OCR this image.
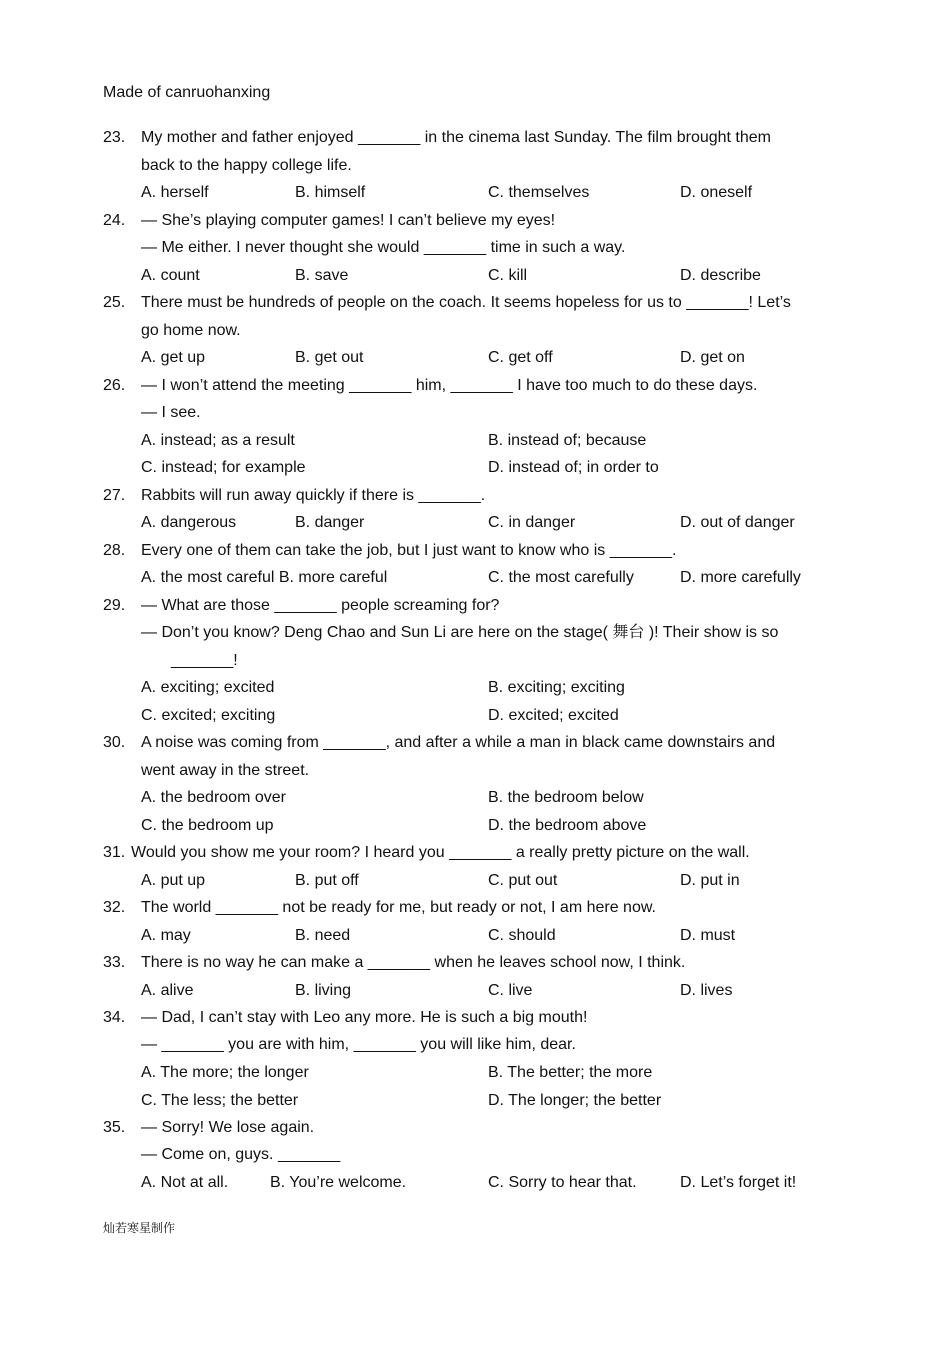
Made of canruohanxing
23. My mother and father enjoyed _______ in the cinema last Sunday. The film brought them
back to the happy college life.
A. herself	B. himself	C. themselves	D. oneself
24. — She’s playing computer games! I can’t believe my eyes!
— Me either. I never thought she would _______ time in such a way.
A. count	B. save	C. kill	D. describe
25. There must be hundreds of people on the coach. It seems hopeless for us to _______! Let’s
go home now.
A. get up	B. get out	C. get off	D. get on
26. — I won’t attend the meeting _______ him, _______ I have too much to do these days.
— I see.
A. instead; as a result	B. instead of; because
C. instead; for example	D. instead of; in order to
27. Rabbits will run away quickly if there is _______.
A. dangerous	B. danger	C. in danger	D. out of danger
28. Every one of them can take the job, but I just want to know who is _______.
A. the most careful B. more careful	C. the most carefully	D. more carefully
29. — What are those _______ people screaming for?
— Don’t you know? Deng Chao and Sun Li are here on the stage( 舞台 )! Their show is so
_______!
A. exciting; excited	B. exciting; exciting
C. excited; exciting	D. excited; excited
30. A noise was coming from _______, and after a while a man in black came downstairs and
went away in the street.
A. the bedroom over	B. the bedroom below
C. the bedroom up	D. the bedroom above
31. Would you show me your room? I heard you _______ a really pretty picture on the wall.
A. put up	B. put off	C. put out	D. put in
32. The world _______ not be ready for me, but ready or not, I am here now.
A. may	B. need	C. should	D. must
33. There is no way he can make a _______ when he leaves school now, I think.
A. alive	B. living	C. live	D. lives
34. — Dad, I can’t stay with Leo any more. He is such a big mouth!
— _______ you are with him, _______ you will like him, dear.
A. The more; the longer	B. The better; the more
C. The less; the better	D. The longer; the better
35. — Sorry! We lose again.
— Come on, guys. _______
A. Not at all.	B. You’re welcome.	C. Sorry to hear that.	D. Let’s forget it!
灿若寒星制作
